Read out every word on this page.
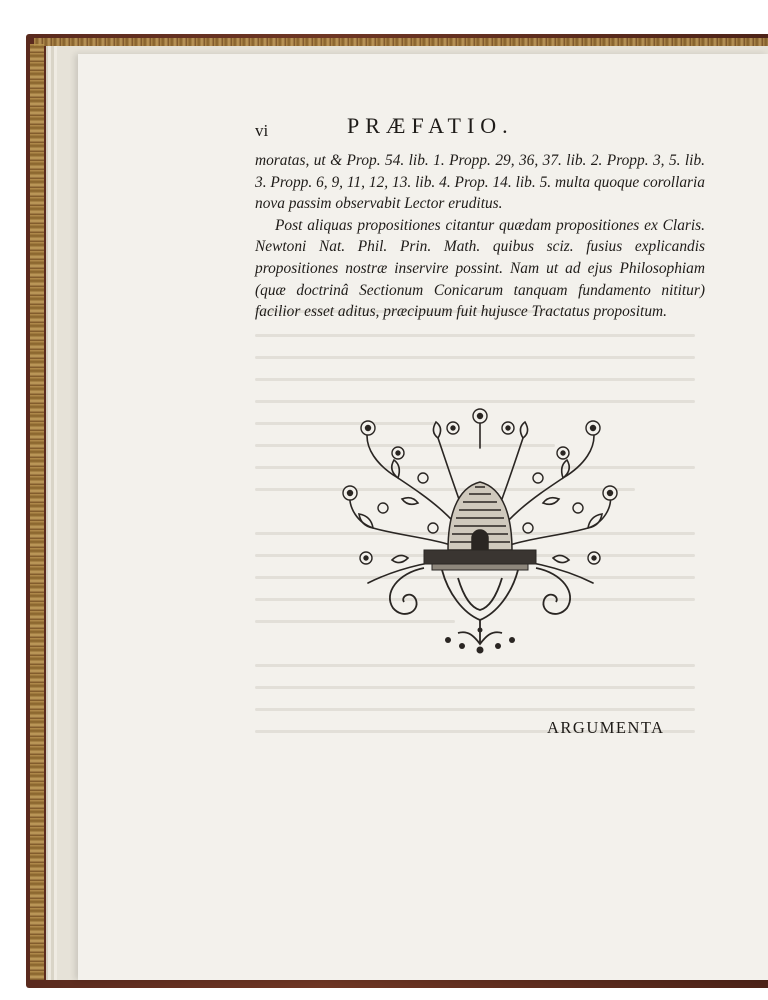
vi	PRÆFATIO.

moratas, ut & Prop. 54. lib. 1. Propp. 29, 36, 37. lib. 2. Propp. 3, 5. lib. 3. Propp. 6, 9, 11, 12, 13. lib. 4. Prop. 14. lib. 5. multa quoque corollaria nova passim observabit Lector eruditus.

Post aliquas propositiones citantur quædam propositiones ex Claris. Newtoni Nat. Phil. Prin. Math. quibus sciz. fusius explicandis propositiones nostræ inservire possint. Nam ut ad ejus Philosophiam (quæ doctrinâ Sectionum Conicarum tanquam fundamento nititur) facilior esset aditus, præcipuum fuit hujusce Tractatus propositum.

ARGUMENTA
